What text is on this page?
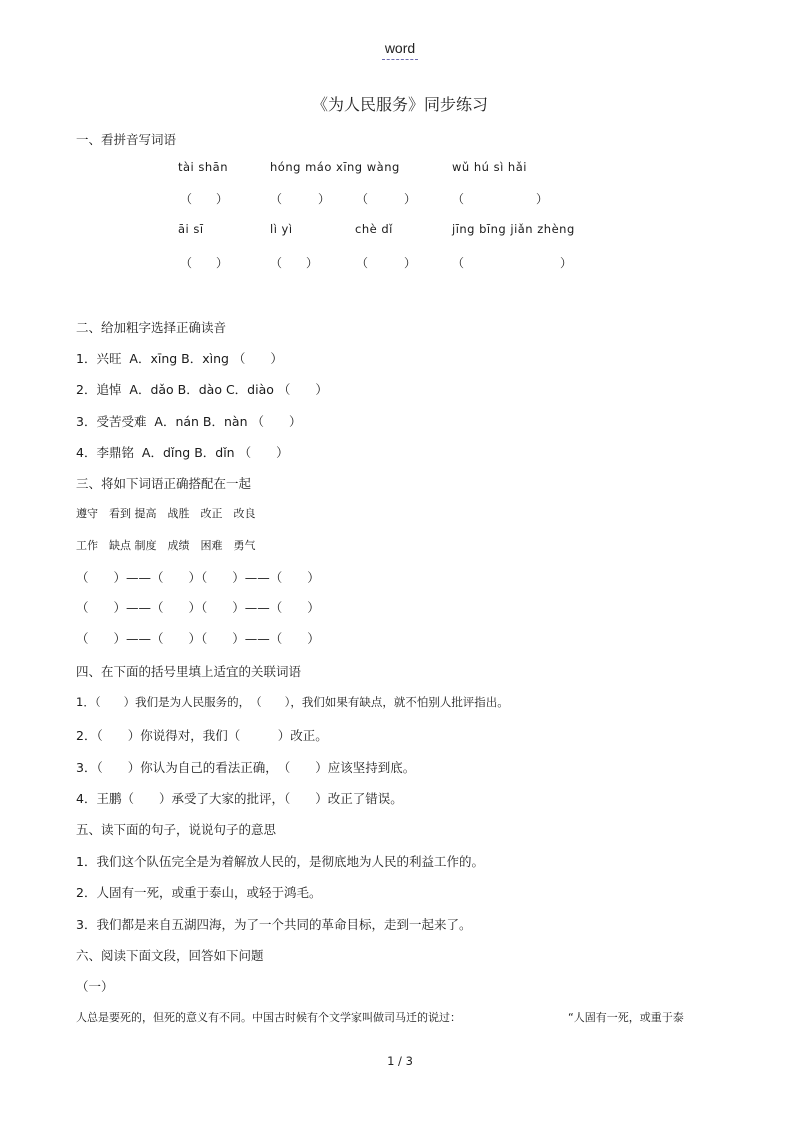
word
《为人民服务》同步练习
一、看拼音写词语
tài shān	hóng máo xīng wàng	wǔ hú sì hǎi
（　　）	（　　　） （　　　）	（　　　　　　）
āi sī	lì yì	chè dǐ	jīng bīng jiǎn zhèng
（　　）	（　　）	（　　　）	（　　　　　　　　）
二、给加粗字选择正确读音
1．兴旺  A．xīng B．xìng （　　）
2．追悼  A．dǎo B．dào C．diào （　　）
3．受苦受难  A．nán B．nàn （　　）
4．李鼎铭  A．dǐng B．dǐn （　　）
三、将如下词语正确搭配在一起
遵守　看到 提高　战胜　改正　改良
工作　缺点 制度　成绩　困难　勇气
（　　）——（　　）（　　）——（　　）
（　　）——（　　）（　　）——（　　）
（　　）——（　　）（　　）——（　　）
四、在下面的括号里填上适宜的关联词语
1．（　　）我们是为人民服务的，　（　　），我们如果有缺点，就不怕别人批评指出。
2．（　　）你说得对，我们（　　　）改正。
3．（　　）你认为自己的看法正确，　（　　）应该坚持到底。
4．王鹏（　　）承受了大家的批评，（　　）改正了错误。
五、读下面的句子，说说句子的意思
1．我们这个队伍完全是为着解放人民的，是彻底地为人民的利益工作的。
2．人固有一死，或重于泰山，或轻于鸿毛。
3．我们都是来自五湖四海，为了一个共同的革命目标，走到一起来了。
六、阅读下面文段，回答如下问题
（一）
人总是要死的，但死的意义有不同。中国古时候有个文学家叫做司马迁的说过：	“人固有一死，或重于泰
1 / 3
